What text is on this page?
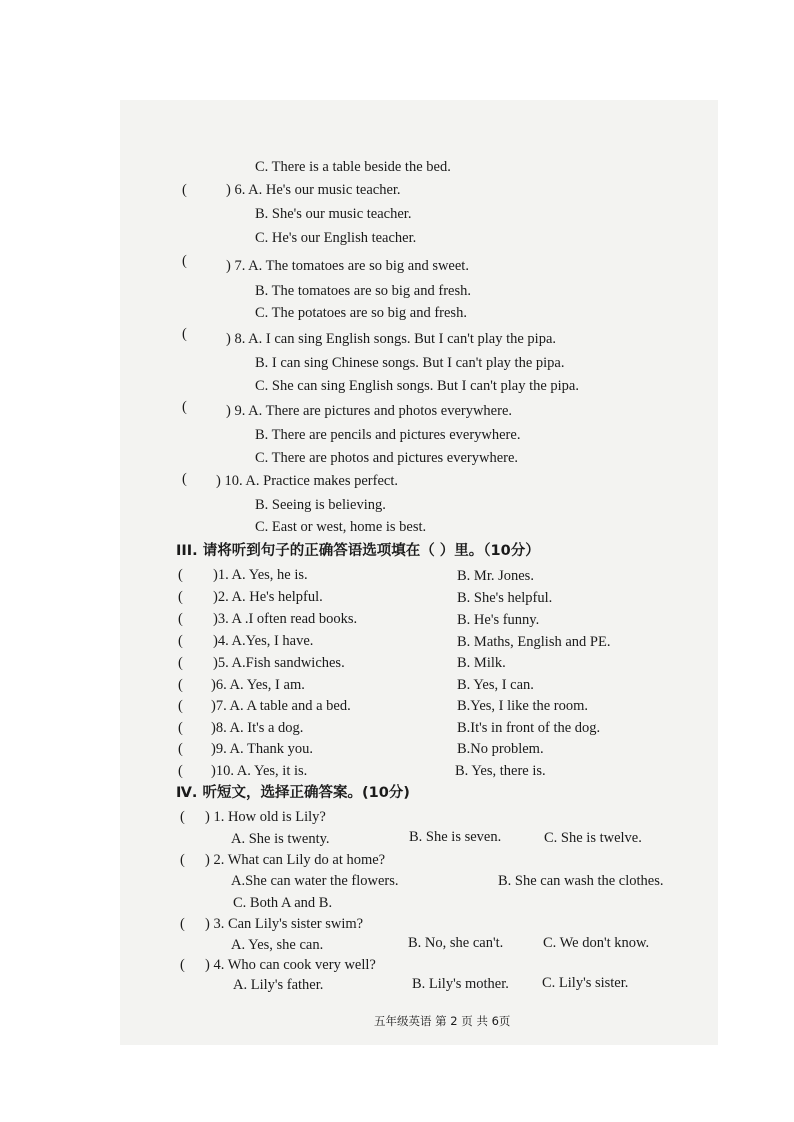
C. There is a table beside the bed.
(	) 6. A. He's our music teacher.
B. She's our music teacher.
C. He's our English teacher.
(	) 7. A. The tomatoes are so big and sweet.
B. The tomatoes are so big and fresh.
C. The potatoes are so big and fresh.
(	) 8. A. I can sing English songs. But I can't play the pipa.
B. I can sing Chinese songs. But I can't play the pipa.
C. She can sing English songs. But I can't play the pipa.
(	) 9. A. There are pictures and photos everywhere.
B. There are pencils and pictures everywhere.
C. There are photos and pictures everywhere.
( ) 10. A. Practice makes perfect.
B. Seeing is believing.
C. East or west, home is best.
III. 请将听到句子的正确答语选项填在（ ）里。（10分）
( )1. A. Yes, he is.	B. Mr. Jones.
( )2. A. He's helpful.	B. She's helpful.
( )3. A .I often read books.	B. He's funny.
( )4. A.Yes, I have.	B. Maths, English and PE.
( )5. A.Fish sandwiches.	B. Milk.
( )6. A. Yes, I am.	B. Yes, I can.
( )7. A. A table and a bed.	B.Yes, I like the room.
( )8. A. It's a dog.	B.It's in front of the dog.
( )9. A. Thank you.	B.No problem.
( )10. A. Yes, it is.	B. Yes, there is.
Ⅳ. 听短文，选择正确答案。(10分)
( ) 1. How old is Lily?
A. She is twenty.	B. She is seven.	C. She is twelve.
( ) 2. What can Lily do at home?
A.She can water the flowers.	B. She can wash the clothes.
C. Both A and B.
( ) 3. Can Lily's sister swim?
A. Yes, she can.	B. No, she can't.	C. We don't know.
( ) 4. Who can cook very well?
A. Lily's father.	B. Lily's mother. C. Lily's sister.
五年级英语 第 2 页 共 6页
